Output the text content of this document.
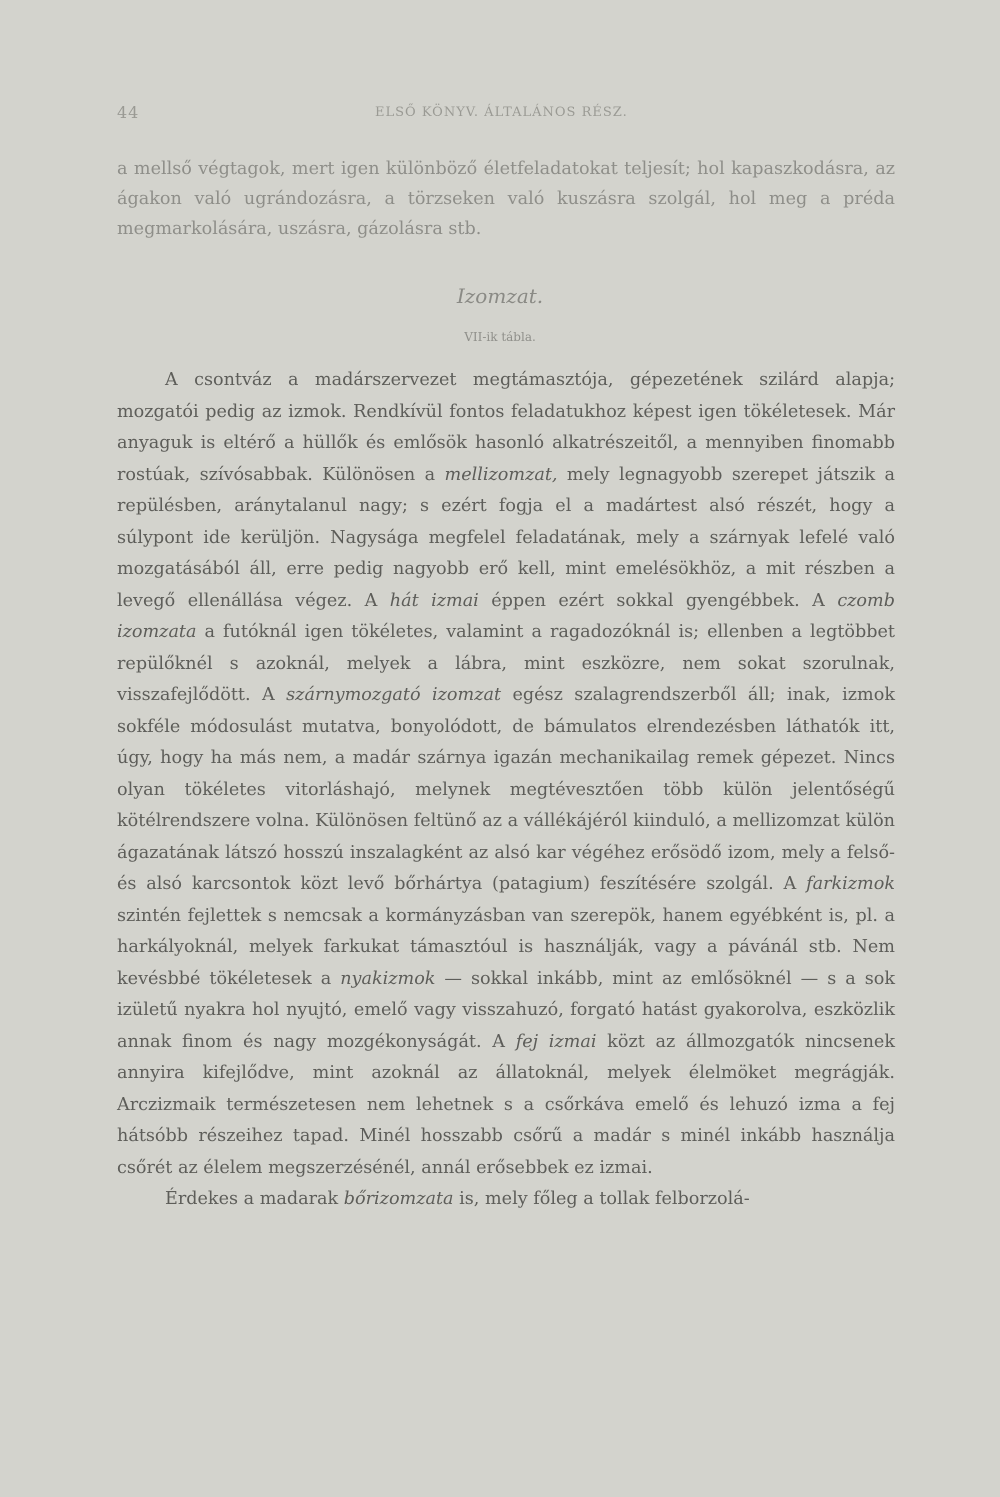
44	ELSŐ KÖNYV. ÁLTALÁNOS RÉSZ.
a mellső végtagok, mert igen különböző életfeladatokat teljesít; hol kapaszkodásra, az ágakon való ugrándozásra, a törzseken való kuszásra szolgál, hol meg a préda megmarkolására, uszásra, gázolásra stb.
Izomzat.
VII-ik tábla.

A csontváz a madárszervezet megtámasztója, gépezetének szilárd alapja; mozgatói pedig az izmok. Rendkívül fontos feladatukhoz képest igen tökéletesek. Már anyaguk is eltérő a hüllők és emlősök hasonló alkatrészeitől, a mennyiben finomabb rostúak, szívósabbak. Különösen a mellizomzat, mely legnagyobb szerepet játszik a repülésben, aránytalanul nagy; s ezért fogja el a madártest alsó részét, hogy a súlypont ide kerüljön. Nagysága megfelel feladatának, mely a szárnyak lefelé való mozgatásából áll, erre pedig nagyobb erő kell, mint emelésökhöz, a mit részben a levegő ellenállása végez. A hát izmai éppen ezért sokkal gyengébbek. A czomb izomzata a futóknál igen tökéletes, valamint a ragadozóknál is; ellenben a legtöbbet repülőknél s azoknál, melyek a lábra, mint eszközre, nem sokat szorulnak, visszafejlődött. A szárnymozgató izomzat egész szalagrendszerből áll; inak, izmok sokféle módosulást mutatva, bonyolódott, de bámulatos elrendezésben láthatók itt, úgy, hogy ha más nem, a madár szárnya igazán mechanikailag remek gépezet. Nincs olyan tökéletes vitorláshajó, melynek megtévesztően több külön jelentőségű kötélrendszere volna. Különösen feltünő az a vállékájéról kiinduló, a mellizomzat külön ágazatának látszó hosszú inszalagként az alsó kar végéhez erősödő izom, mely a felső- és alsó karcsontok közt levő bőrhártya (patagium) feszítésére szolgál. A farkizmok szintén fejlettek s nemcsak a kormányzásban van szerepök, hanem egyébként is, pl. a harkályoknál, melyek farkukat támasztóul is használják, vagy a pávánál stb. Nem kevésbbé tökéletesek a nyakizmok — sokkal inkább, mint az emlősöknél — s a sok izületű nyakra hol nyujtó, emelő vagy visszahuzó, forgató hatást gyakorolva, eszközlik annak finom és nagy mozgékonyságát. A fej izmai közt az állmozgatók nincsenek annyira kifejlődve, mint azoknál az állatoknál, melyek élelmöket megrágják. Arczizmaik természetesen nem lehetnek s a csőrkáva emelő és lehuzó izma a fej hátsóbb részeihez tapad. Minél hosszabb csőrű a madár s minél inkább használja csőrét az élelem megszerzésénél, annál erősebbek ez izmai.

Érdekes a madarak bőrizomzata is, mely főleg a tollak felborzolá-
